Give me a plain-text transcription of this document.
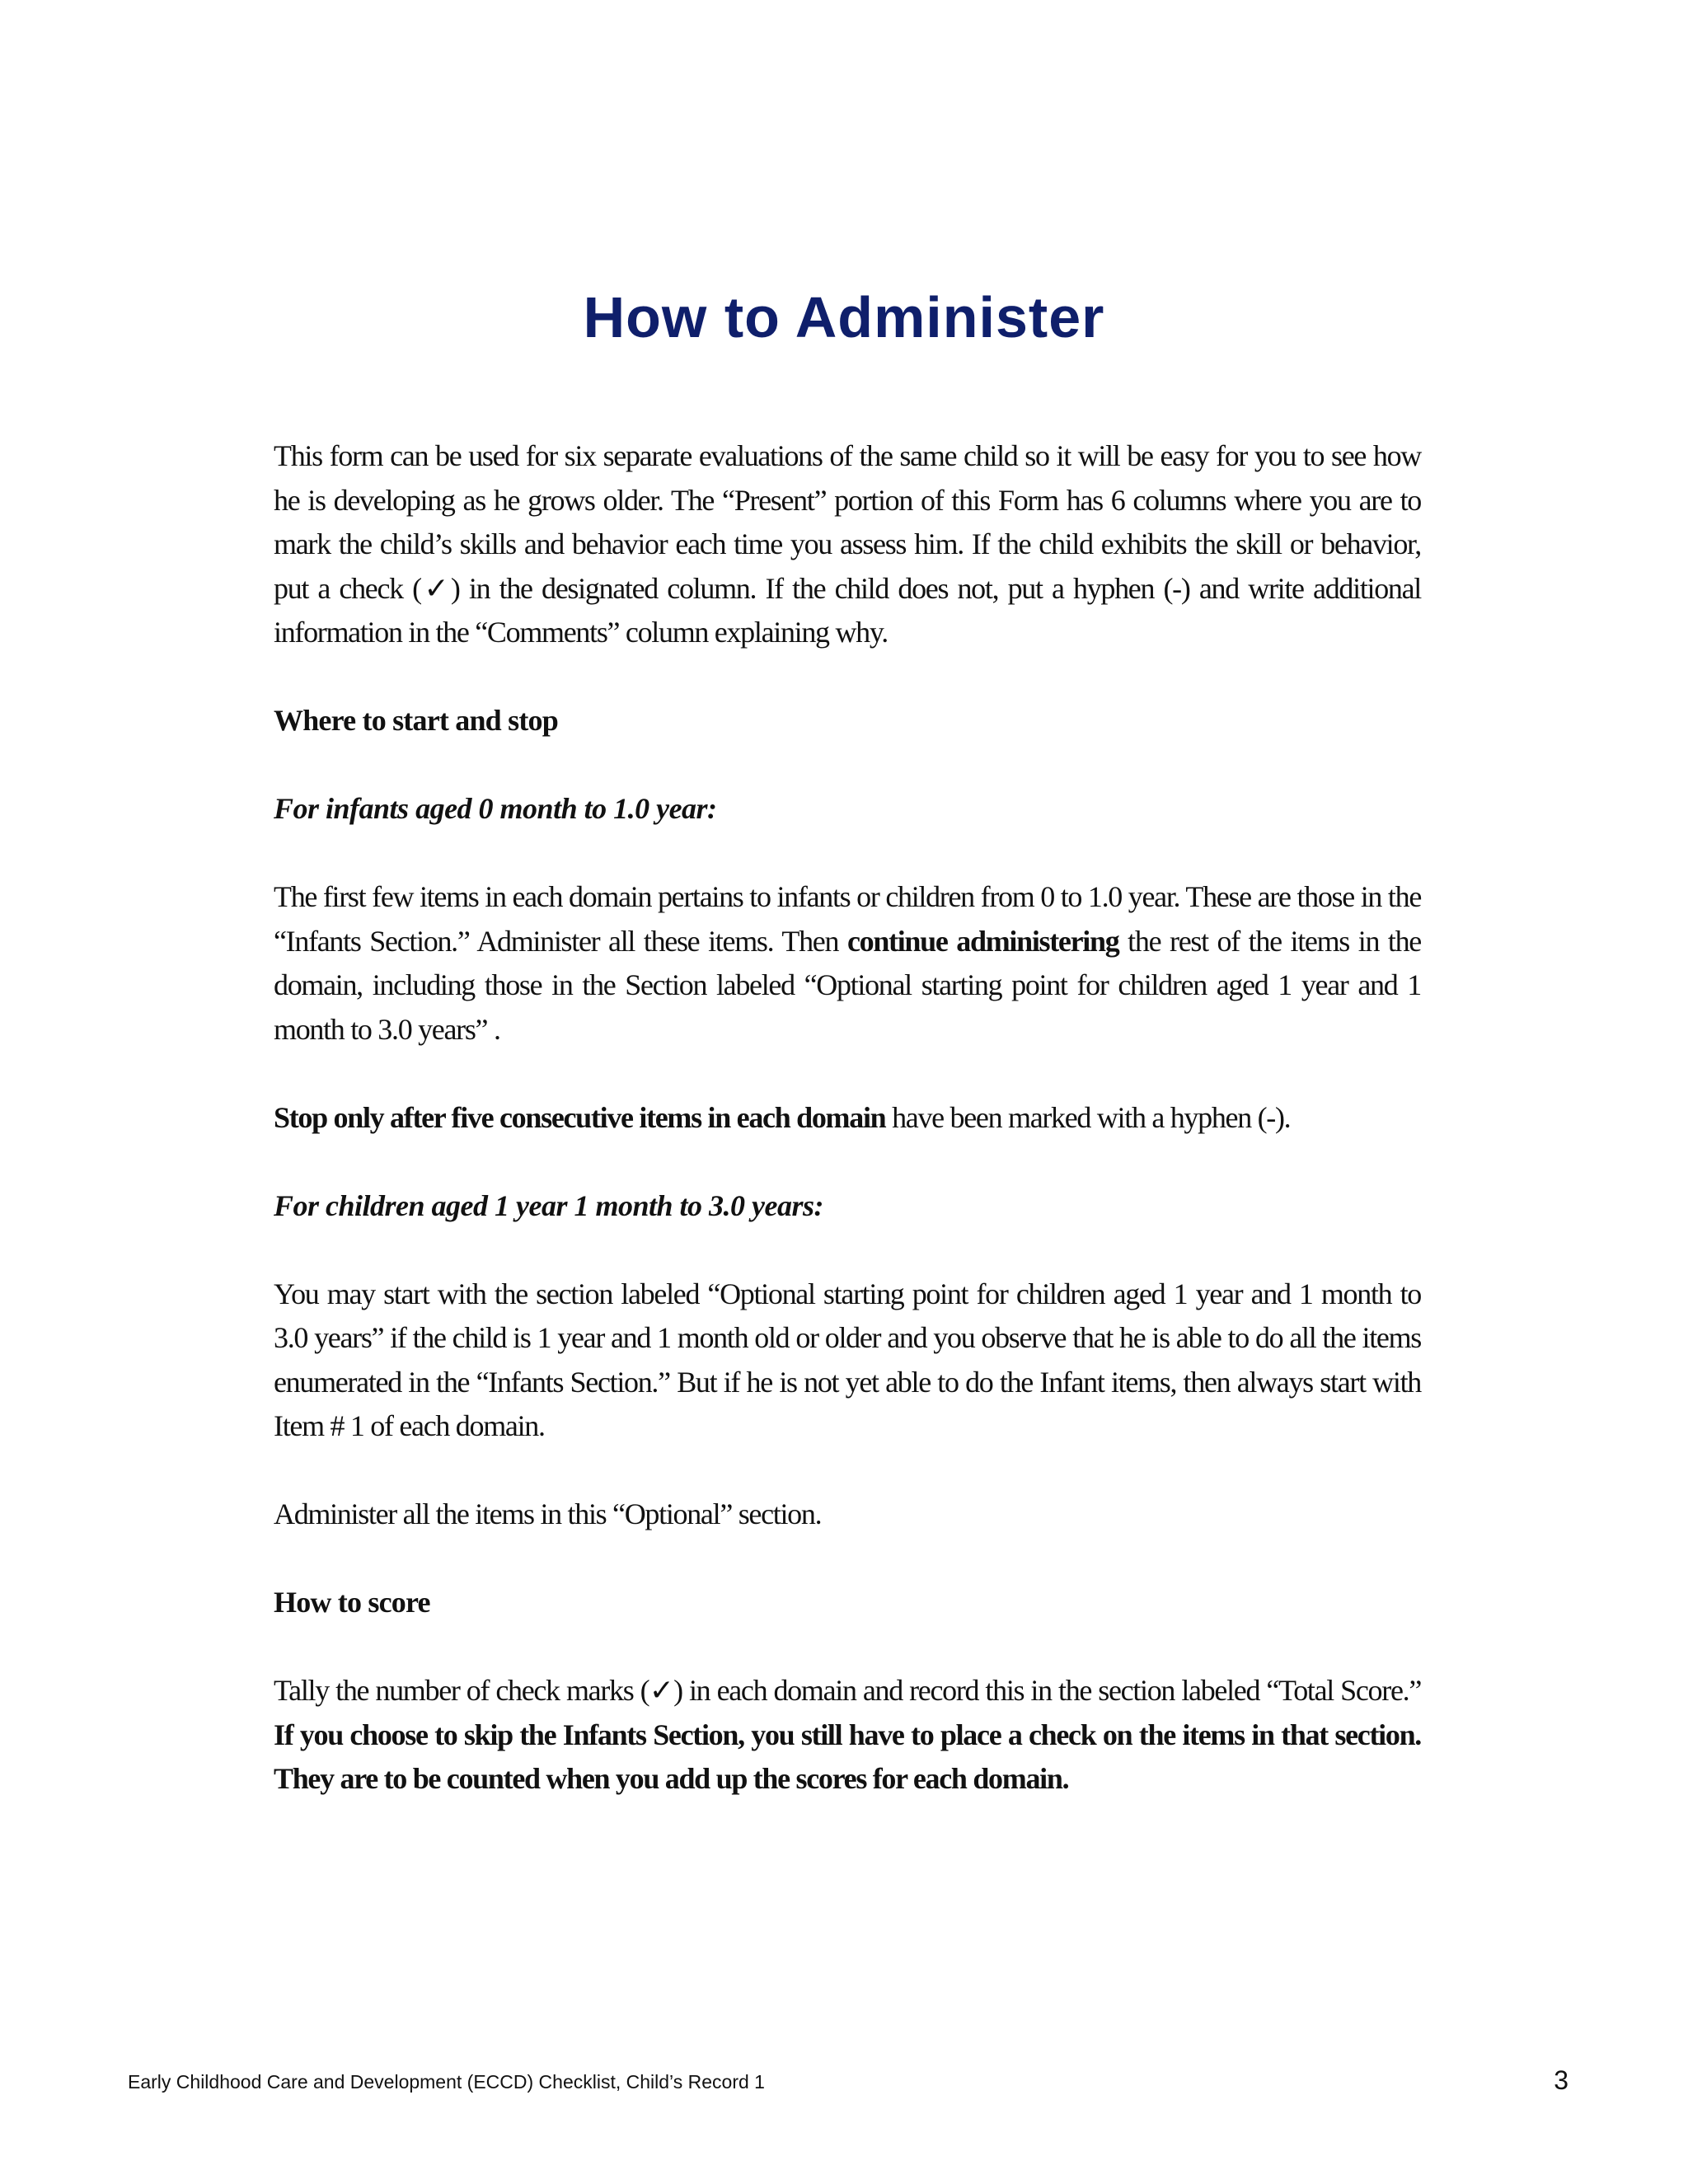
How to Administer

This form can be used for six separate evaluations of the same child so it will be easy for you to see how he is developing as he grows older. The “Present” portion of this Form has 6 columns where you are to mark the child’s skills and behavior each time you assess him. If the child exhibits the skill or behavior, put a check (✓) in the designated column. If the child does not, put a hyphen (-) and write additional information in the “Comments” column explaining why.

Where to start and stop

For infants aged 0 month to 1.0 year:

The first few items in each domain pertains to infants or children from 0 to 1.0 year. These are those in the “Infants Section.” Administer all these items. Then continue administering the rest of the items in the domain, including those in the Section labeled “Optional starting point for children aged 1 year and 1 month to 3.0 years” .

Stop only after five consecutive items in each domain have been marked with a hyphen (-).

For children aged 1 year 1 month to 3.0 years:

You may start with the section labeled “Optional starting point for children aged 1 year and 1 month to 3.0 years” if the child is 1 year and 1 month old or older and you observe that he is able to do all the items enumerated in the “Infants Section.” But if he is not yet able to do the Infant items, then always start with Item # 1 of each domain.

Administer all the items in this “Optional” section.

How to score

Tally the number of check marks (✓) in each domain and record this in the section labeled “Total Score.” If you choose to skip the Infants Section, you still have to place a check on the items in that section. They are to be counted when you add up the scores for each domain.

Early Childhood Care and Development (ECCD) Checklist, Child’s Record 1	3
